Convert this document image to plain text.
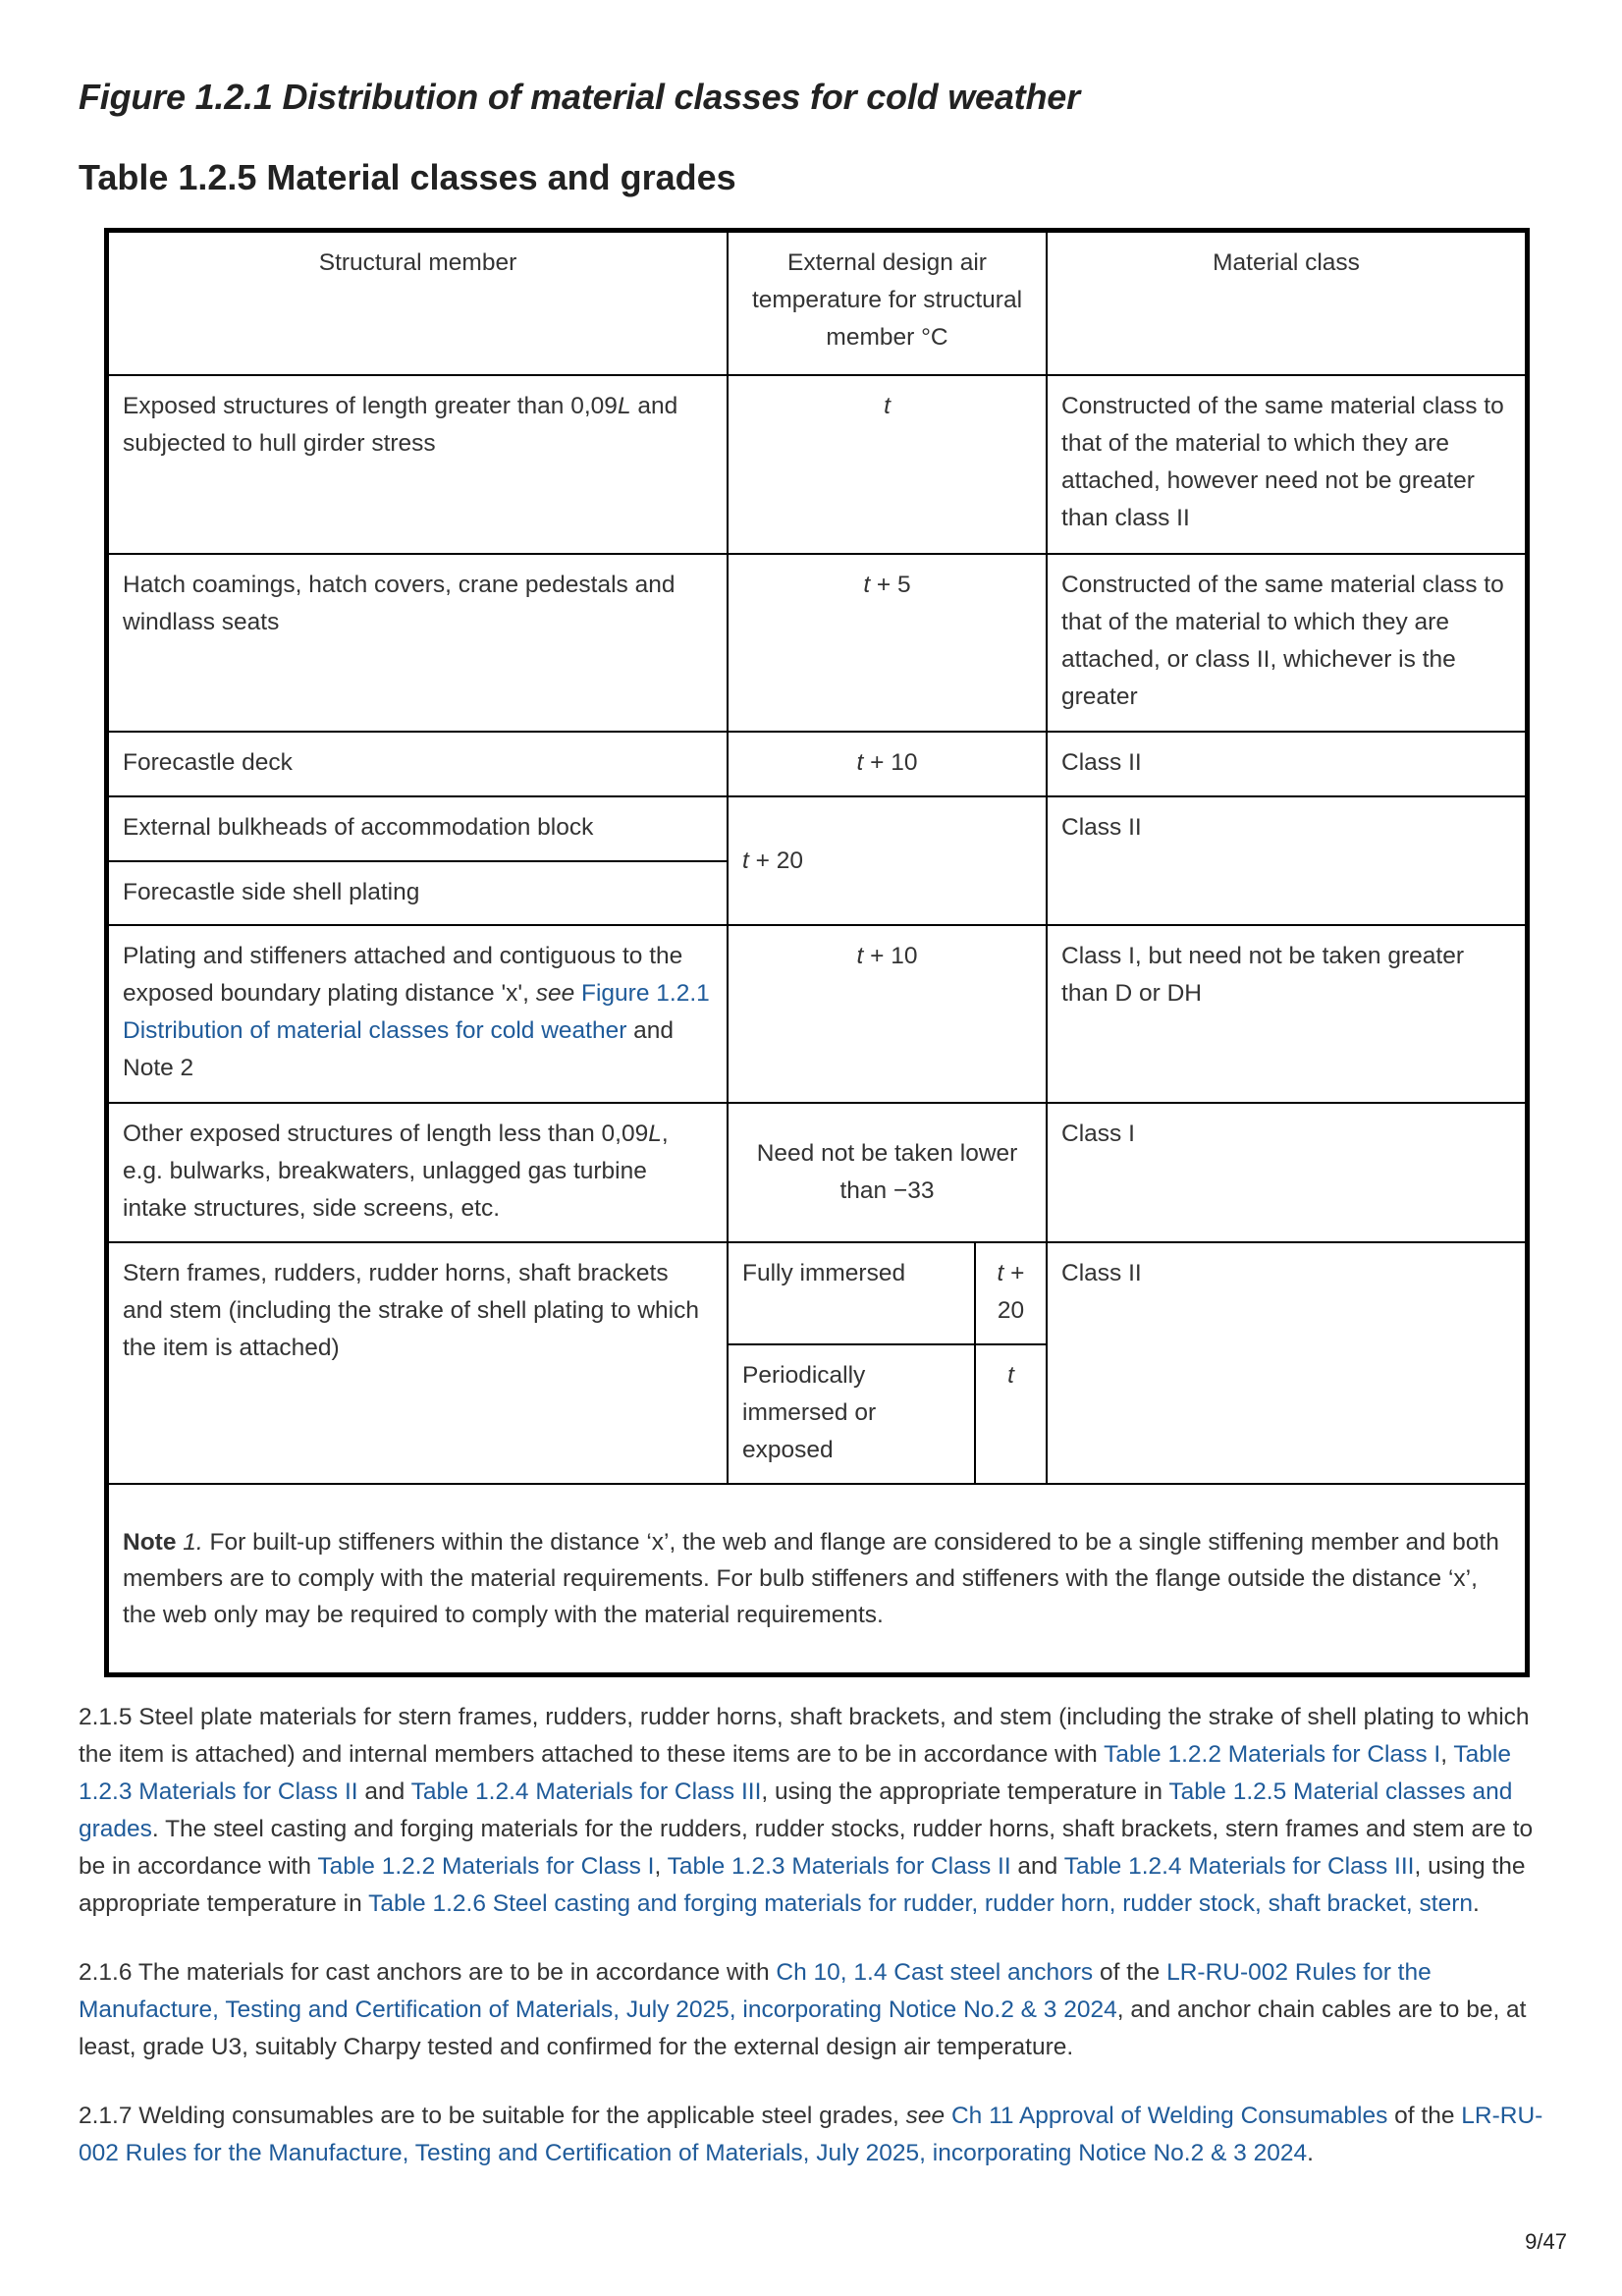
Figure 1.2.1 Distribution of material classes for cold weather
Table 1.2.5 Material classes and grades
Structural member	External design air temperature for structural member °C		Material class
Exposed structures of length greater than 0,09L and subjected to hull girder stress	t		Constructed of the same material class to that of the material to which they are attached, however need not be greater than class II
Hatch coamings, hatch covers, crane pedestals and windlass seats	t + 5		Constructed of the same material class to that of the material to which they are attached, or class II, whichever is the greater
Forecastle deck	t + 10		Class II
External bulkheads of accommodation block	t + 20		Class II
Forecastle side shell plating			
Plating and stiffeners attached and contiguous to the exposed boundary plating distance 'x', see Figure 1.2.1 Distribution of material classes for cold weather and Note 2	t + 10		Class I, but need not be taken greater than D or DH
Other exposed structures of length less than 0,09L, e.g. bulwarks, breakwaters, unlagged gas turbine intake structures, side screens, etc.	Need not be taken lower than −33		Class I
Stern frames, rudders, rudder horns, shaft brackets and stem (including the strake of shell plating to which the item is attached)	Fully immersed	t + 20	Class II
	Periodically immersed or exposed	t	
Note 1. For built-up stiffeners within the distance ‘x’, the web and flange are considered to be a single stiffening member and both members are to comply with the material requirements. For bulb stiffeners and stiffeners with the flange outside the distance ‘x’, the web only may be required to comply with the material requirements.			

2.1.5 Steel plate materials for stern frames, rudders, rudder horns, shaft brackets, and stem (including the strake of shell plating to which the item is attached) and internal members attached to these items are to be in accordance with Table 1.2.2 Materials for Class I, Table 1.2.3 Materials for Class II and Table 1.2.4 Materials for Class III, using the appropriate temperature in Table 1.2.5 Material classes and grades. The steel casting and forging materials for the rudders, rudder stocks, rudder horns, shaft brackets, stern frames and stem are to be in accordance with Table 1.2.2 Materials for Class I, Table 1.2.3 Materials for Class II and Table 1.2.4 Materials for Class III, using the appropriate temperature in Table 1.2.6 Steel casting and forging materials for rudder, rudder horn, rudder stock, shaft bracket, stern.

2.1.6 The materials for cast anchors are to be in accordance with Ch 10, 1.4 Cast steel anchors of the LR-RU-002 Rules for the Manufacture, Testing and Certification of Materials, July 2025, incorporating Notice No.2 & 3 2024, and anchor chain cables are to be, at least, grade U3, suitably Charpy tested and confirmed for the external design air temperature.

2.1.7 Welding consumables are to be suitable for the applicable steel grades, see Ch 11 Approval of Welding Consumables of the LR-RU-002 Rules for the Manufacture, Testing and Certification of Materials, July 2025, incorporating Notice No.2 & 3 2024.

9/47
